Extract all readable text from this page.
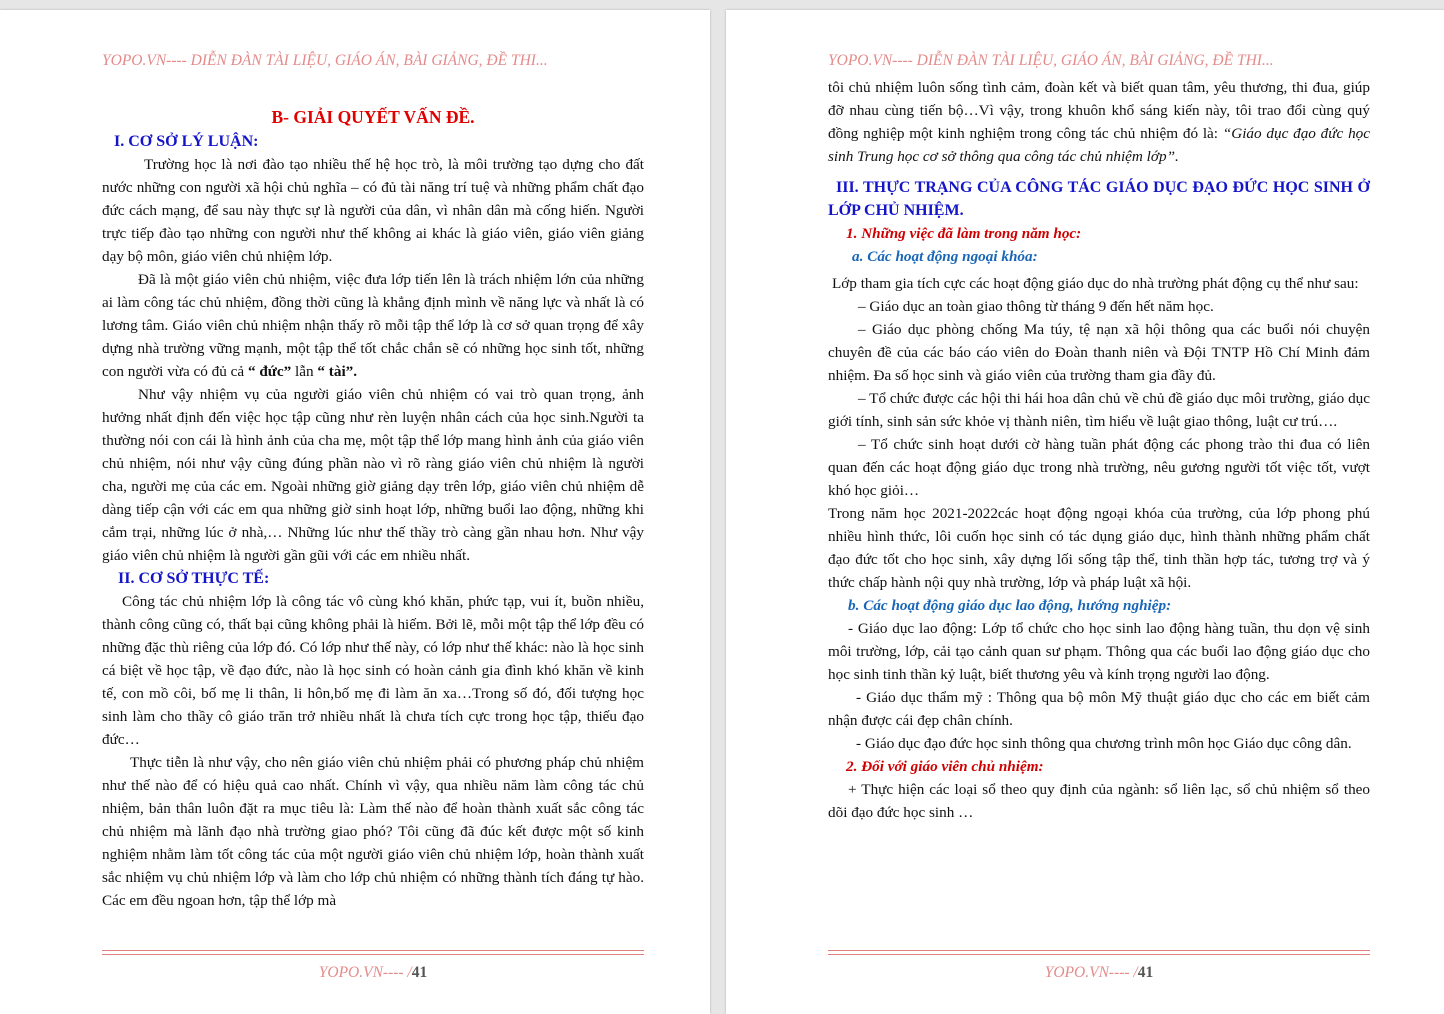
YOPO.VN---- DIỄN ĐÀN TÀI LIỆU, GIÁO ÁN, BÀI GIẢNG, ĐỀ THI...
B- GIẢI QUYẾT VẤN ĐỀ.
I. CƠ SỞ LÝ LUẬN:

Trường học là nơi đào tạo nhiều thế hệ học trò, là môi trường tạo dựng cho đất nước những con người xã hội chủ nghĩa – có đủ tài năng trí tuệ và những phẩm chất đạo đức cách mạng, để sau này thực sự là người của dân, vì nhân dân mà cống hiến. Người trực tiếp đào tạo những con người như thế không ai khác là giáo viên, giáo viên giảng dạy bộ môn, giáo viên chủ nhiệm lớp.

Đã là một giáo viên chủ nhiệm, việc đưa lớp tiến lên là trách nhiệm lớn của những ai làm công tác chủ nhiệm, đồng thời cũng là khẳng định mình về năng lực và nhất là có lương tâm. Giáo viên chủ nhiệm nhận thấy rõ mỗi tập thể lớp là cơ sở quan trọng để xây dựng nhà trường vững mạnh, một tập thể tốt chắc chắn sẽ có những học sinh tốt, những con người vừa có đủ cả “ đức” lẫn “ tài”.

Như vậy nhiệm vụ của người giáo viên chủ nhiệm có vai trò quan trọng, ảnh hưởng nhất định đến việc học tập cũng như rèn luyện nhân cách của học sinh.Người ta thường nói con cái là hình ảnh của cha mẹ, một tập thể lớp mang hình ảnh của giáo viên chủ nhiệm, nói như vậy cũng đúng phần nào vì rõ ràng giáo viên chủ nhiệm là người cha, người mẹ của các em. Ngoài những giờ giảng dạy trên lớp, giáo viên chủ nhiệm dễ dàng tiếp cận với các em qua những giờ sinh hoạt lớp, những buổi lao động, những khi cắm trại, những lúc ở nhà,… Những lúc như thế thầy trò càng gần nhau hơn. Như vậy giáo viên chủ nhiệm là người gần gũi với các em nhiều nhất.

II. CƠ SỞ THỰC TẾ:

Công tác chủ nhiệm lớp là công tác vô cùng khó khăn, phức tạp, vui ít, buồn nhiều, thành công cũng có, thất bại cũng không phải là hiếm. Bởi lẽ, mỗi một tập thể lớp đều có những đặc thù riêng của lớp đó. Có lớp như thế này, có lớp như thế khác: nào là học sinh cá biệt về học tập, về đạo đức, nào là học sinh có hoàn cảnh gia đình khó khăn về kinh tế, con mồ côi, bố mẹ li thân, li hôn,bố mẹ đi làm ăn xa…Trong số đó, đối tượng học sinh làm cho thầy cô giáo trăn trở nhiều nhất là chưa tích cực trong học tập, thiếu đạo đức…

Thực tiễn là như vậy, cho nên giáo viên chủ nhiệm phải có phương pháp chủ nhiệm như thế nào để có hiệu quả cao nhất. Chính vì vậy, qua nhiều năm làm công tác chủ nhiệm, bản thân luôn đặt ra mục tiêu là: Làm thế nào để hoàn thành xuất sắc công tác chủ nhiệm mà lãnh đạo nhà trường giao phó? Tôi cũng đã đúc kết được một số kinh nghiệm nhằm làm tốt công tác của một người giáo viên chủ nhiệm lớp, hoàn thành xuất sắc nhiệm vụ chủ nhiệm lớp và làm cho lớp chủ nhiệm có những thành tích đáng tự hào. Các em đều ngoan hơn, tập thể lớp mà

YOPO.VN---- /41
YOPO.VN---- DIỄN ĐÀN TÀI LIỆU, GIÁO ÁN, BÀI GIẢNG, ĐỀ THI...

tôi chủ nhiệm luôn sống tình cảm, đoàn kết và biết quan tâm, yêu thương, thi đua, giúp đỡ nhau cùng tiến bộ…Vì vậy, trong khuôn khổ sáng kiến này, tôi trao đổi cùng quý đồng nghiệp một kinh nghiệm trong công tác chủ nhiệm đó là: “Giáo dục đạo đức học sinh Trung học cơ sở thông qua công tác chủ nhiệm lớp”.

III. THỰC TRẠNG CỦA CÔNG TÁC GIÁO DỤC ĐẠO ĐỨC HỌC SINH Ở LỚP CHỦ NHIỆM.
1. Những việc đã làm trong năm học:
a. Các hoạt động ngoại khóa:

Lớp tham gia tích cực các hoạt động giáo dục do nhà trường phát động cụ thể như sau:

– Giáo dục an toàn giao thông từ tháng 9 đến hết năm học.

– Giáo dục phòng chống Ma túy, tệ nạn xã hội thông qua các buổi nói chuyện chuyên đề của các báo cáo viên do Đoàn thanh niên và Đội TNTP Hồ Chí Minh đảm nhiệm. Đa số học sinh và giáo viên của trường tham gia đầy đủ.

– Tổ chức được các hội thi hái hoa dân chủ về chủ đề giáo dục môi trường, giáo dục giới tính, sinh sản sức khỏe vị thành niên, tìm hiểu về luật giao thông, luật cư trú….

– Tổ chức sinh hoạt dưới cờ hàng tuần phát động các phong trào thi đua có liên quan đến các hoạt động giáo dục trong nhà trường, nêu gương người tốt việc tốt, vượt khó học giỏi…

Trong năm học 2021-2022các hoạt động ngoại khóa của trường, của lớp phong phú nhiều hình thức, lôi cuốn học sinh có tác dụng giáo dục, hình thành những phẩm chất đạo đức tốt cho học sinh, xây dựng lối sống tập thể, tinh thần hợp tác, tương trợ và ý thức chấp hành nội quy nhà trường, lớp và pháp luật xã hội.

b. Các hoạt động giáo dục lao động, hướng nghiệp:

- Giáo dục lao động: Lớp tổ chức cho học sinh lao động hàng tuần, thu dọn vệ sinh môi trường, lớp, cải tạo cảnh quan sư phạm. Thông qua các buổi lao động giáo dục cho học sinh tinh thần kỷ luật, biết thương yêu và kính trọng người lao động.

- Giáo dục thẩm mỹ : Thông qua bộ môn Mỹ thuật giáo dục cho các em biết cảm nhận được cái đẹp chân chính.

- Giáo dục đạo đức học sinh thông qua chương trình môn học Giáo dục công dân.

2. Đối với giáo viên chủ nhiệm:

+ Thực hiện các loại sổ theo quy định của ngành: sổ liên lạc, sổ chủ nhiệm sổ theo dõi đạo đức học sinh …

YOPO.VN---- /41
